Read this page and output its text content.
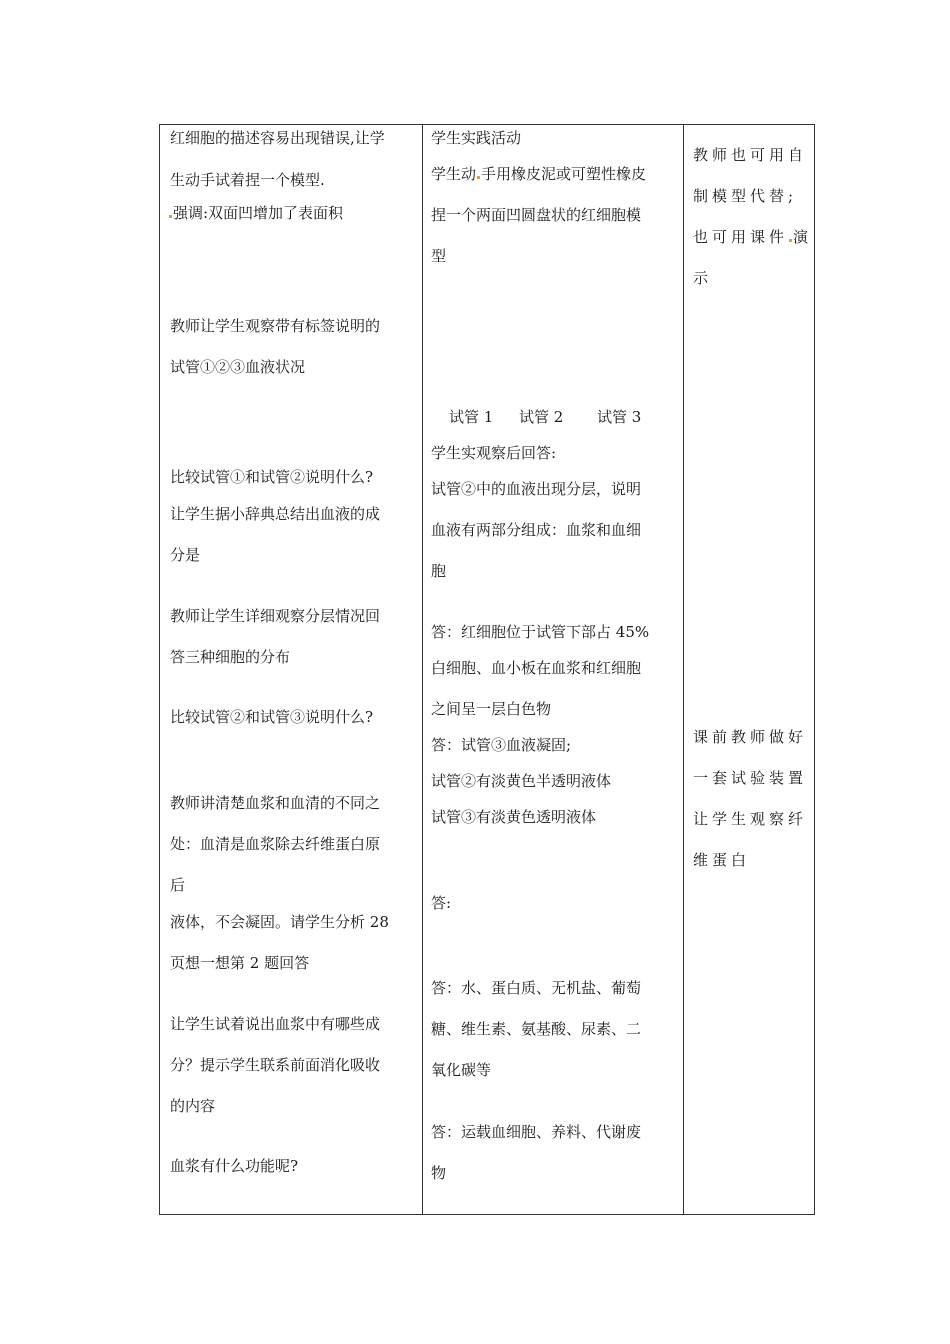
红细胞的描述容易出现错误,让学
生动手试着捏一个模型.
强调:双面凹增加了表面积
教师让学生观察带有标签说明的
试管①②③血液状况
比较试管①和试管②说明什么?
让学生据小辞典总结出血液的成
分是
教师让学生详细观察分层情况回
答三种细胞的分布
比较试管②和试管③说明什么?
教师讲清楚血浆和血清的不同之
处：血清是血浆除去纤维蛋白原
后
液体，不会凝固。请学生分析 28
页想一想第 2 题回答
让学生试着说出血浆中有哪些成
分？提示学生联系前面消化吸收
的内容
血浆有什么功能呢?
学生实践活动
学生动 手用橡皮泥或可塑性橡皮
捏一个两面凹圆盘状的红细胞模
型
试管 1 试管 2 试管 3
学生实观察后回答:
试管②中的血液出现分层，说明
血液有两部分组成：血浆和血细
胞
答：红细胞位于试管下部占 45%
白细胞、血小板在血浆和红细胞
之间呈一层白色物
答：试管③血液凝固;
试管②有淡黄色半透明液体
试管③有淡黄色透明液体
答:
答：水、蛋白质、无机盐、葡萄
糖、维生素、氨基酸、尿素、二
氧化碳等
答：运载血细胞、养料、代谢废
物
教师也可用自
制模型代替;
也可用课件 演
示
课前教师做好
一套试验装置
让学生观察纤
维蛋白
